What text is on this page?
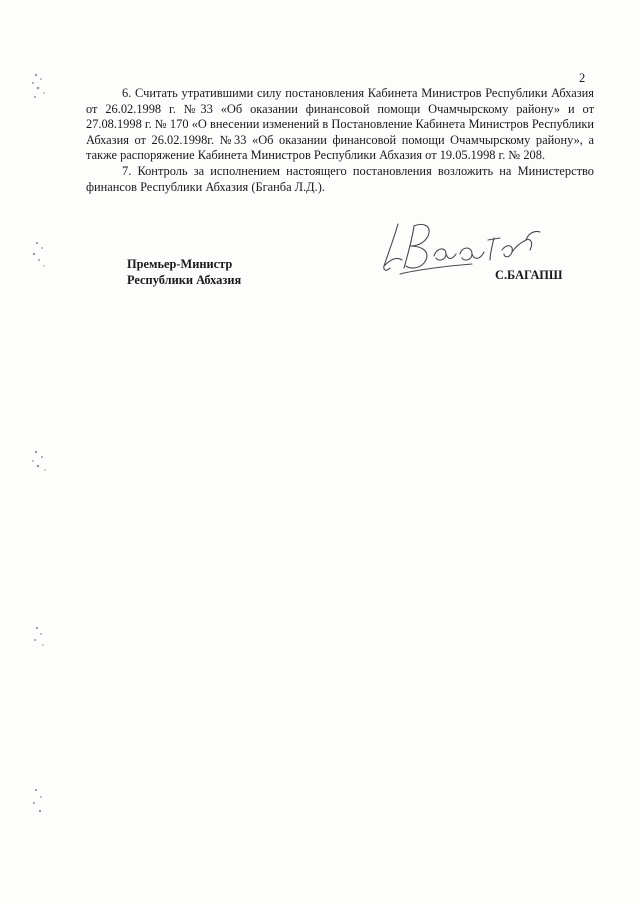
2

6. Считать утратившими силу постановления Кабинета Министров Республики Абхазия от 26.02.1998 г. №33 «Об оказании финансовой помощи Очамчырскому району» и от 27.08.1998 г. № 170 «О внесении изменений в Постановление Кабинета Министров Республики Абхазия от 26.02.1998г. №33 «Об оказании финансовой помощи Очамчырскому району», а также распоряжение Кабинета Министров Республики Абхазия от 19.05.1998 г. № 208.

7. Контроль за исполнением настоящего постановления возложить на Министерство финансов Республики Абхазия (Бганба Л.Д.).

Премьер-Министр
Республики Абхазия	С.БАГАПШ
